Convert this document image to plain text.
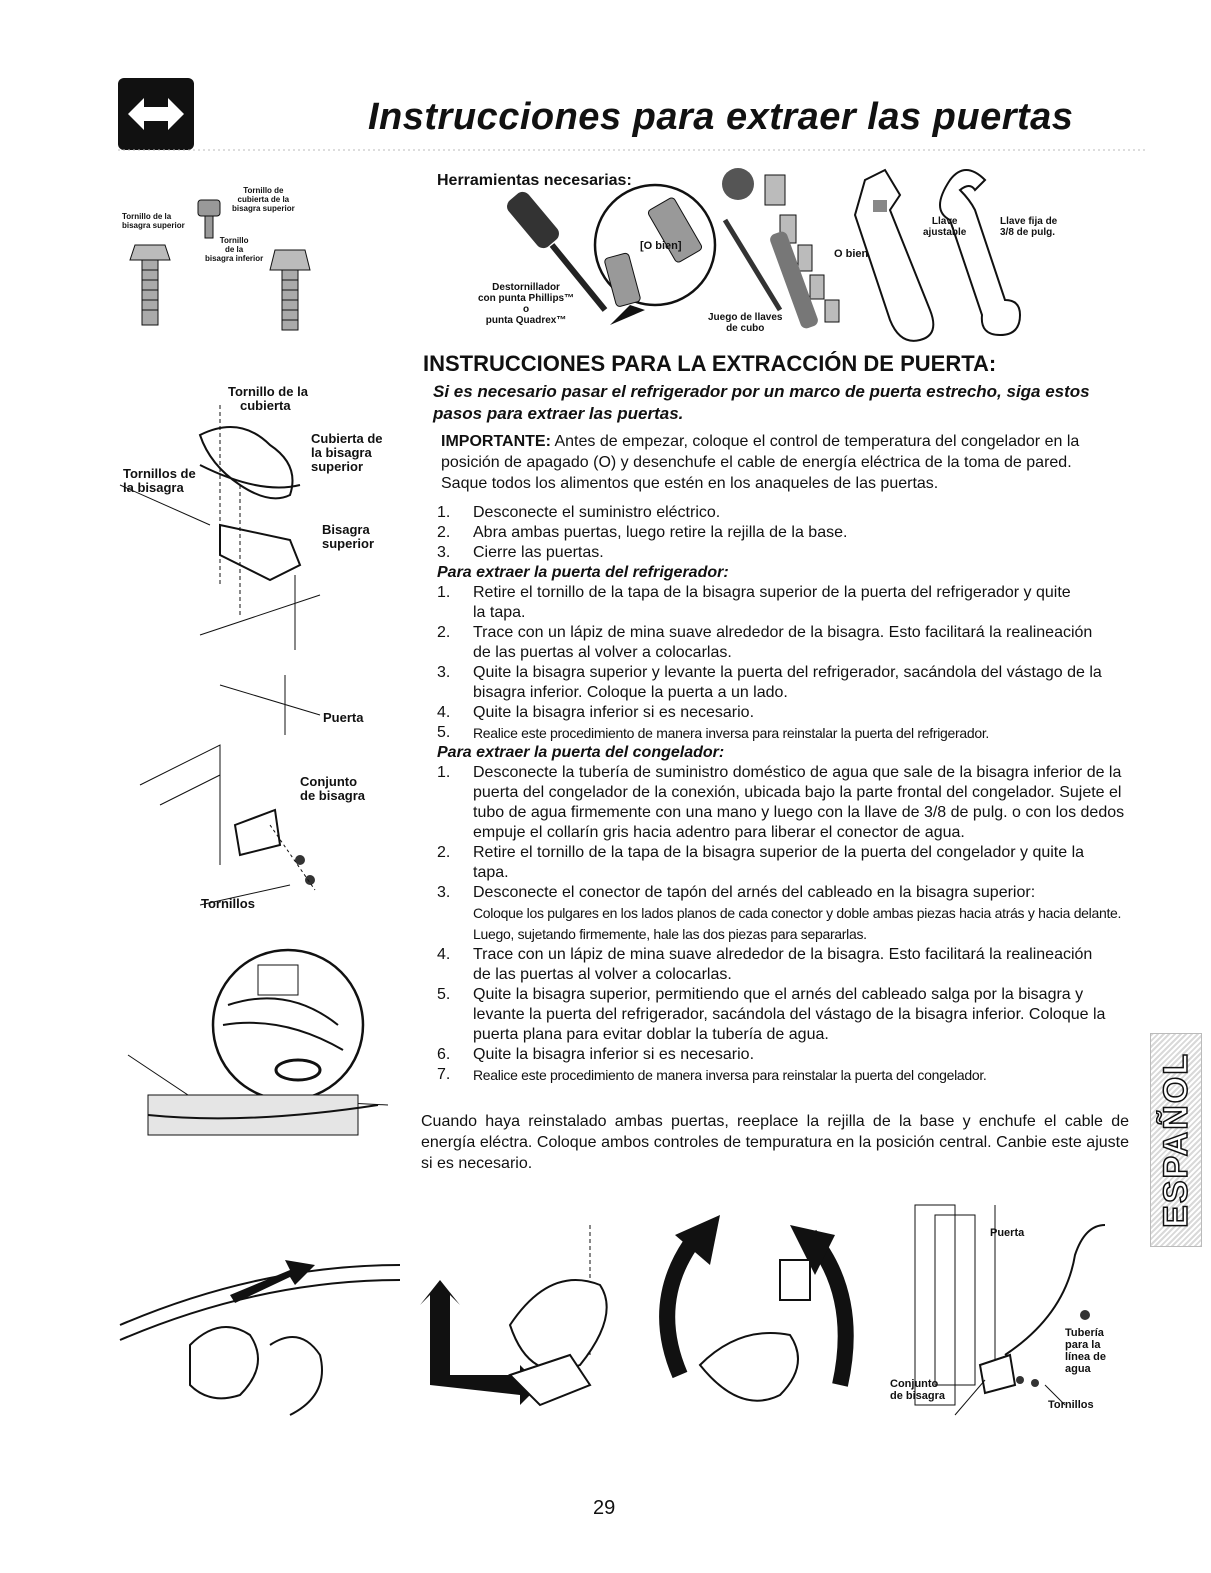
Instrucciones para extraer las puertas
Herramientas necesarias:
Destornillador
con punta Phillips™
o
punta Quadrex™
[O bien]
Juego de llaves
de cubo
O bien
Llave
ajustable
Llave fija de
3/8 de pulg.
Tornillo de
cubierta de la
bisagra superior
Tornillo de la
bisagra superior
Tornillo
de la
bisagra inferior
Tornillo de la
cubierta
Cubierta de
la bisagra
superior
Tornillos de
la bisagra
Bisagra
superior
Puerta
Conjunto
de bisagra
Tornillos
INSTRUCCIONES PARA LA EXTRACCIÓN DE PUERTA:
Si es necesario pasar el refrigerador por un marco de puerta estrecho, siga estos pasos para extraer las puertas.
IMPORTANTE: Antes de empezar, coloque el control de temperatura del congelador en la posición de apagado (O) y desenchufe el cable de energía eléctrica de la toma de pared. Saque todos los alimentos que estén en los anaqueles de las puertas.
1.	Desconecte el suministro eléctrico.
2.	Abra ambas puertas, luego retire la rejilla de la base.
3.	Cierre las puertas.
Para extraer la puerta del refrigerador:
1.	Retire el tornillo de la tapa de la bisagra superior de la puerta del refrigerador y quite la tapa.
2.	Trace con un lápiz de mina suave alrededor de la bisagra. Esto facilitará la realineación de las puertas al volver a colocarlas.
3.	Quite la bisagra superior y levante la puerta del refrigerador, sacándola del vástago de la bisagra inferior. Coloque la puerta a un lado.
4.	Quite la bisagra inferior si es necesario.
5.	Realice este procedimiento de manera inversa para reinstalar la puerta del refrigerador.
Para extraer la puerta del congelador:
1.	Desconecte la tubería de suministro doméstico de agua que sale de la bisagra inferior de la puerta del congelador de la conexión, ubicada bajo la parte frontal del congelador. Sujete el tubo de agua firmemente con una mano y luego con la llave de 3/8 de pulg. o con los dedos empuje el collarín gris hacia adentro para liberar el conector de agua.
2.	Retire el tornillo de la tapa de la bisagra superior de la puerta del congelador y quite la tapa.
3.	Desconecte el conector de tapón del arnés del cableado en la bisagra superior:
Coloque los pulgares en los lados planos de cada conector y doble ambas piezas hacia atrás y hacia delante. Luego, sujetando firmemente, hale las dos piezas para separarlas.
4.	Trace con un lápiz de mina suave alrededor de la bisagra. Esto facilitará la realineación de las puertas al volver a colocarlas.
5.	Quite la bisagra superior, permitiendo que el arnés del cableado salga por la bisagra y levante la puerta del refrigerador, sacándola del vástago de la bisagra inferior. Coloque la puerta plana para evitar doblar la tubería de agua.
6.	Quite la bisagra inferior si es necesario.
7.	Realice este procedimiento de manera inversa para reinstalar la puerta del congelador.
Cuando haya reinstalado ambas puertas, reeplace la rejilla de la base y enchufe el cable de energía eléctra. Coloque ambos controles de tempuratura en la posición central. Canbie este ajuste si es necesario.	ESPAÑOL
Puerta
Tubería
para la
línea de
agua
Conjunto
de bisagra
Tornillos
29
